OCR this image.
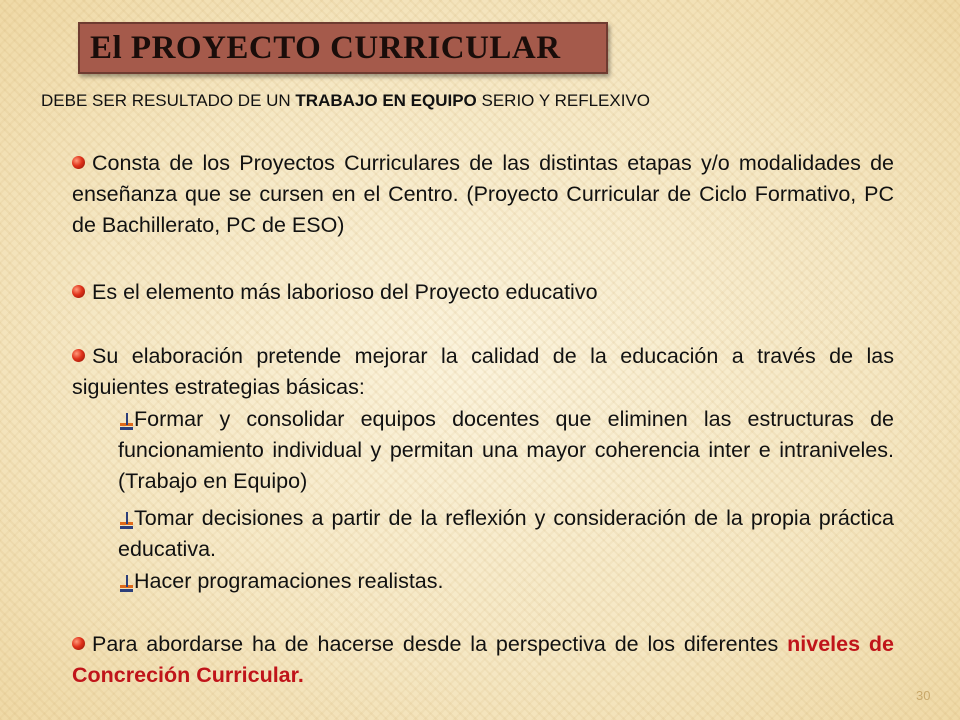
El PROYECTO CURRICULAR
DEBE SER RESULTADO DE UN TRABAJO EN EQUIPO SERIO Y REFLEXIVO
Consta de los Proyectos Curriculares de las distintas etapas y/o modalidades de enseñanza que se cursen en el Centro. (Proyecto Curricular de Ciclo Formativo, PC de Bachillerato, PC de ESO)
Es el elemento más laborioso del Proyecto educativo
Su elaboración pretende mejorar la calidad de la educación a través de las siguientes estrategias básicas:
Formar y consolidar equipos docentes que eliminen las estructuras de funcionamiento individual y permitan una mayor coherencia inter e intraniveles. (Trabajo en Equipo)
Tomar decisiones a partir de la reflexión y consideración de la propia práctica educativa.
Hacer programaciones realistas.
Para abordarse ha de hacerse desde la perspectiva de los diferentes niveles de Concreción Curricular.
30
